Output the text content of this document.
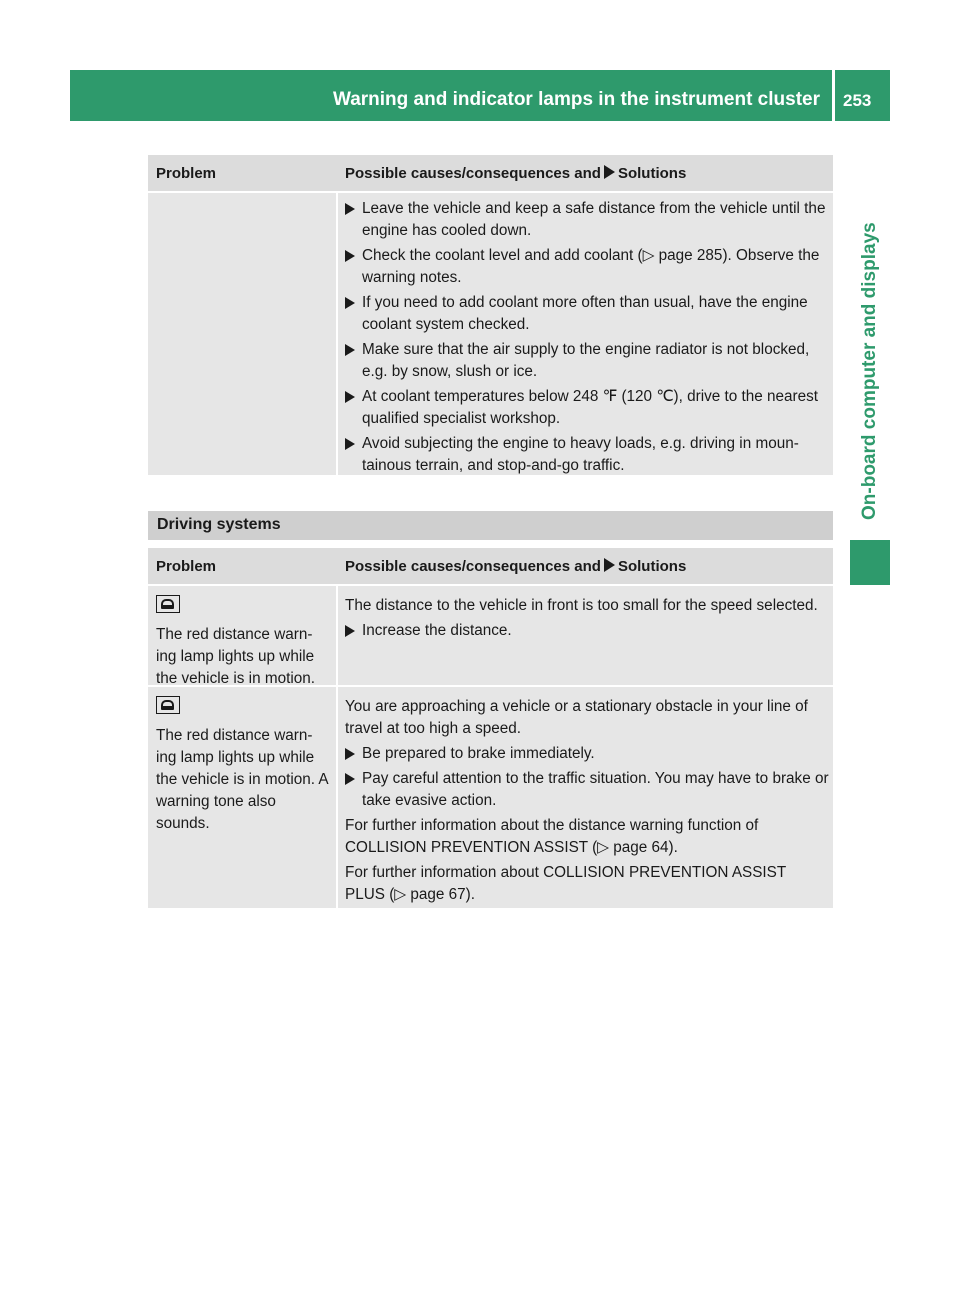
Warning and indicator lamps in the instrument cluster 253
On-board computer and displays
Problem	Possible causes/consequences and Solutions
Leave the vehicle and keep a safe distance from the vehicle until the engine has cooled down.
Check the coolant level and add coolant (▷ page 285). Observe the warning notes.
If you need to add coolant more often than usual, have the engine coolant system checked.
Make sure that the air supply to the engine radiator is not blocked, e.g. by snow, slush or ice.
At coolant temperatures below 248 ℉ (120 ℃), drive to the nearest qualified specialist workshop.
Avoid subjecting the engine to heavy loads, e.g. driving in moun-tainous terrain, and stop-and-go traffic.
Driving systems
Problem	Possible causes/consequences and Solutions
The red distance warn-ing lamp lights up while the vehicle is in motion.
The distance to the vehicle in front is too small for the speed selected.
Increase the distance.
The red distance warn-ing lamp lights up while the vehicle is in motion. A warning tone also sounds.
You are approaching a vehicle or a stationary obstacle in your line of travel at too high a speed.
Be prepared to brake immediately.
Pay careful attention to the traffic situation. You may have to brake or take evasive action.
For further information about the distance warning function of COLLISION PREVENTION ASSIST (▷ page 64).
For further information about COLLISION PREVENTION ASSIST PLUS (▷ page 67).
